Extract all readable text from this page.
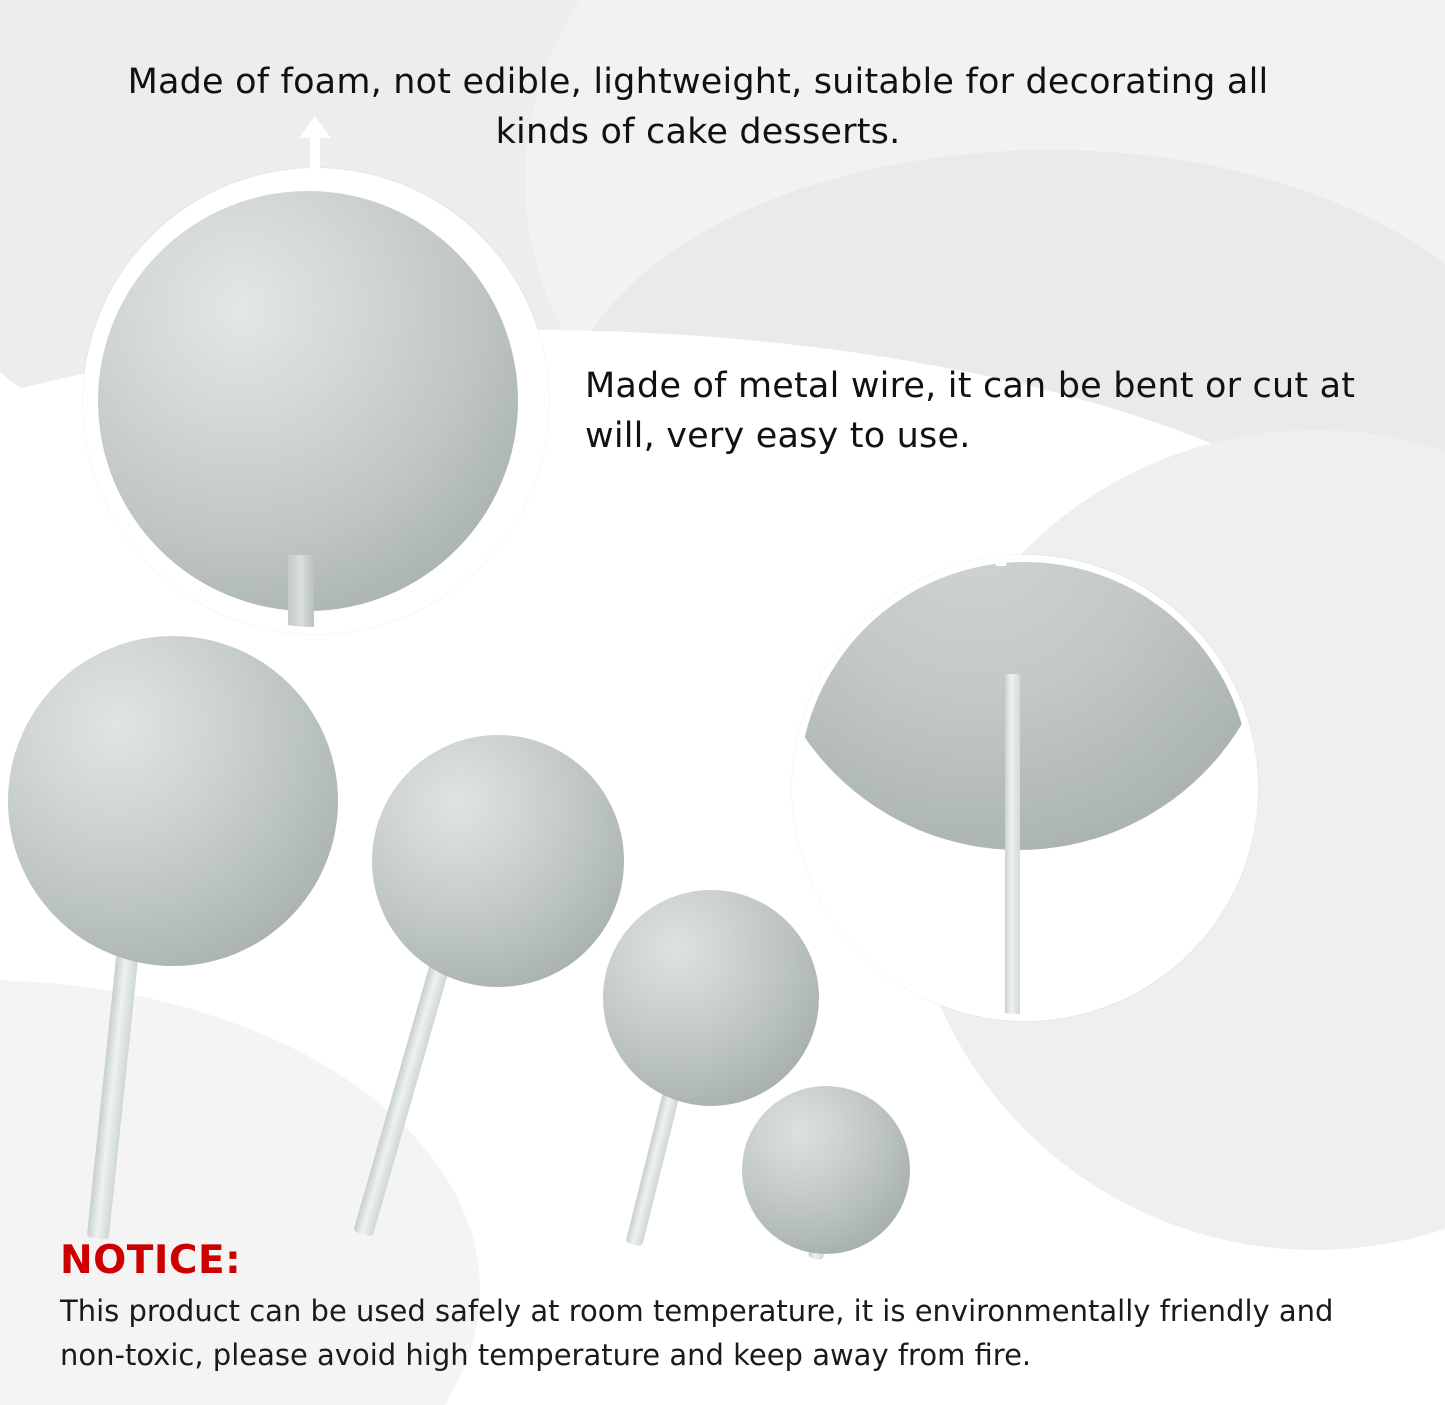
Made of foam, not edible, lightweight, suitable for decorating all kinds of cake desserts.
Made of metal wire, it can be bent or cut at will, very easy to use.
NOTICE:
This product can be used safely at room temperature, it is environmentally friendly and non-toxic, please avoid high temperature and keep away from fire.
